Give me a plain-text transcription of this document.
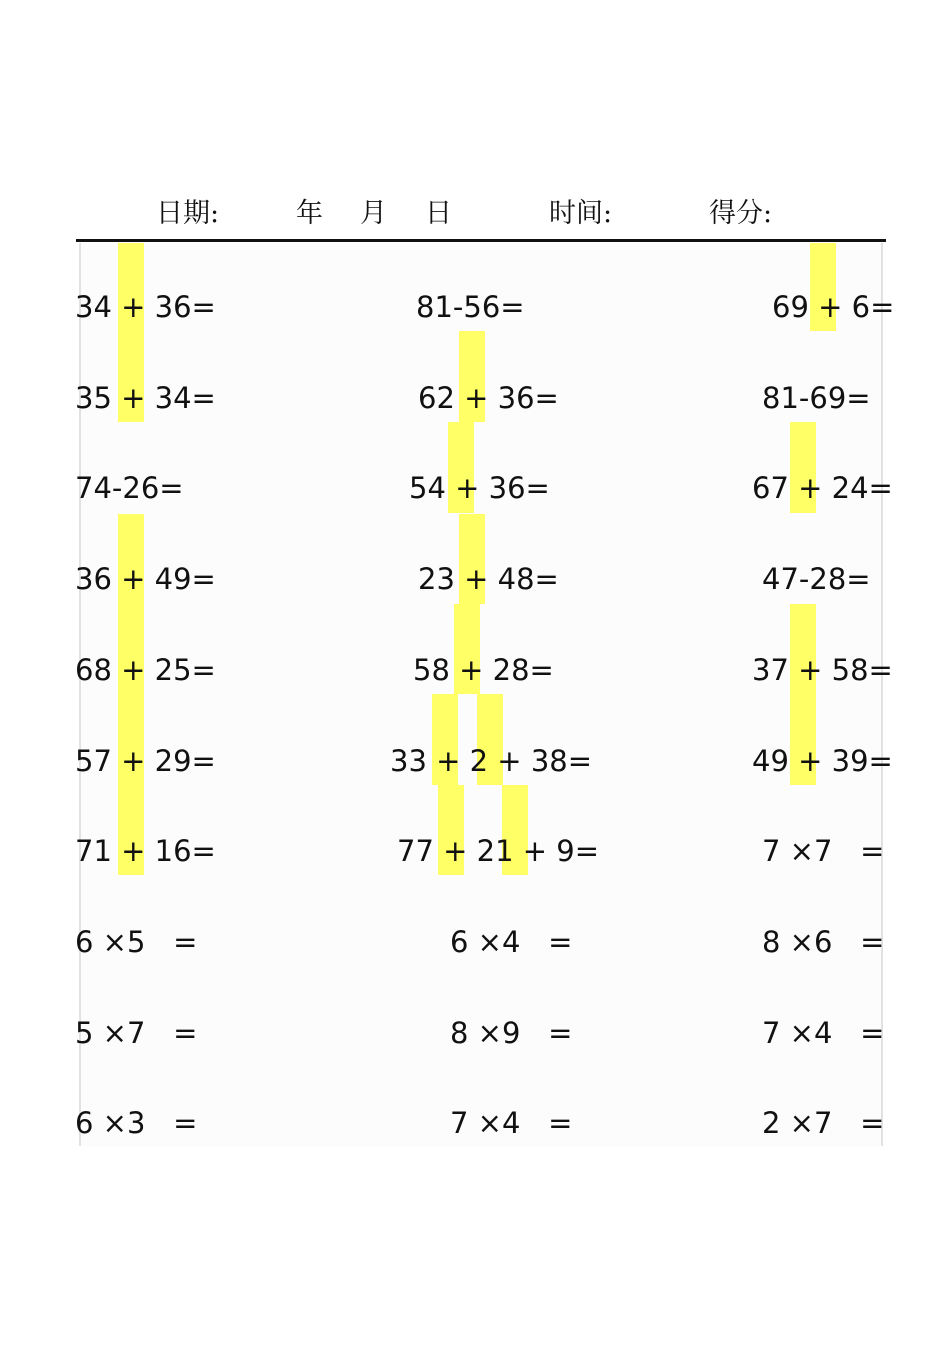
日期:	年 月 日	时间:	得分:
34 + 36=	81-56=	69 + 6=
35 + 34=	62 + 36=	81-69=
74-26=	54 + 36=	67 + 24=
36 + 49=	23 + 48=	47-28=
68 + 25=	58 + 28=	37 + 58=
57 + 29=	33 + 2 + 38=	49 + 39=
71 + 16=	77 + 21 + 9=	7 ×7   =
6 ×5   =	6 ×4   =	8 ×6   =
5 ×7   =	8 ×9   =	7 ×4   =
6 ×3   =	7 ×4   =	2 ×7   =
